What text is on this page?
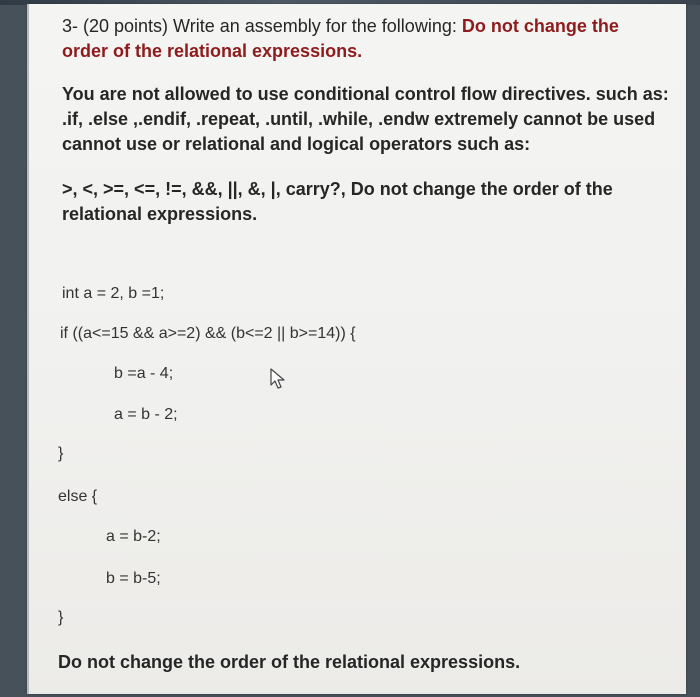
3- (20 points) Write an assembly for the following: Do not change the
order of the relational expressions.

You are not allowed to use conditional control flow directives. such as:
.if, .else ,.endif, .repeat, .until, .while, .endw extremely cannot be used
cannot use or relational and logical operators such as:

>, <, >=, <=, !=, &&, ||, &, |, carry?, Do not change the order of the
relational expressions.

int a = 2, b =1;

if ((a<=15 && a>=2) && (b<=2 || b>=14)) {

b =a - 4;

a = b - 2;

}

else {

a = b-2;

b = b-5;

}

Do not change the order of the relational expressions.
